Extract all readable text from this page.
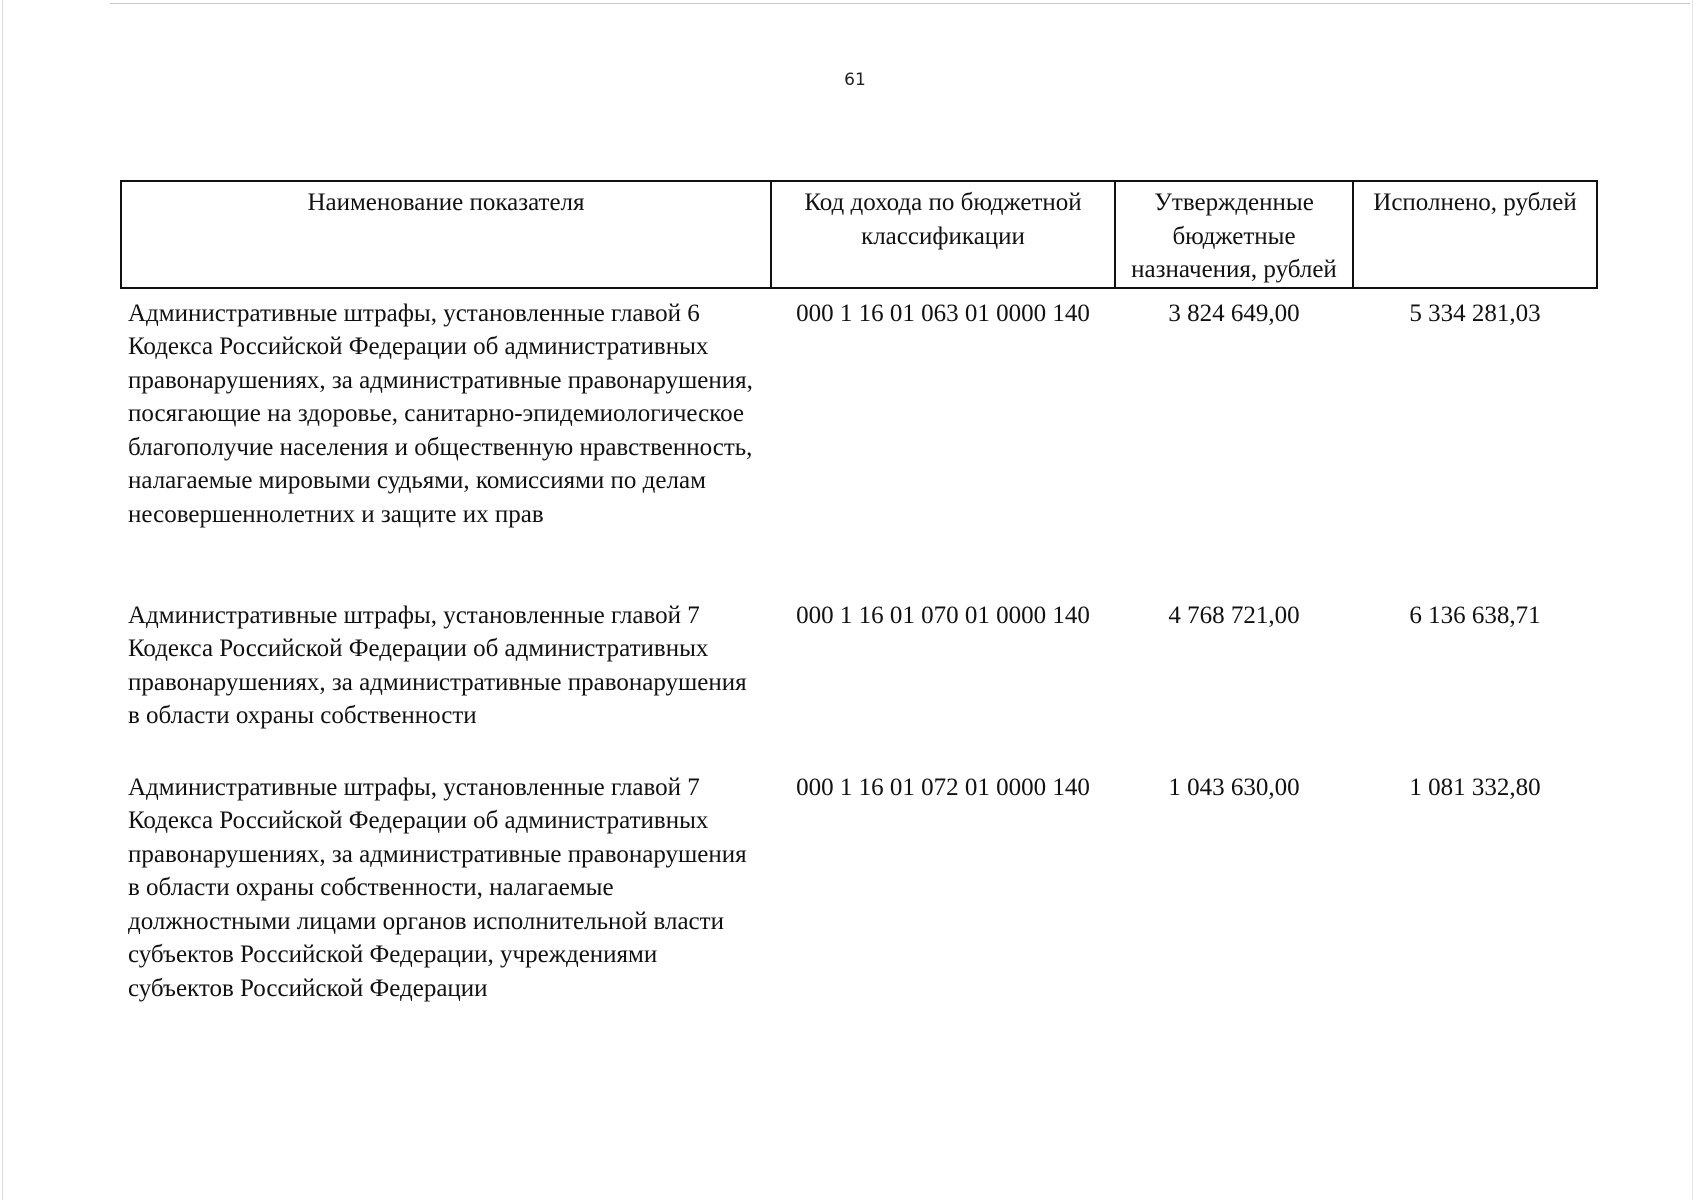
61
Наименование показателя	Код дохода по бюджетной классификации	Утвержденные бюджетные назначения, рублей	Исполнено, рублей
Административные штрафы, установленные главой 6 Кодекса Российской Федерации об административных правонарушениях, за административные правонарушения, посягающие на здоровье, санитарно-эпидемиологическое благополучие населения и общественную нравственность, налагаемые мировыми судьями, комиссиями по делам несовершеннолетних и защите их прав	000 1 16 01 063 01 0000 140	3 824 649,00	5 334 281,03
Административные штрафы, установленные главой 7 Кодекса Российской Федерации об административных правонарушениях, за административные правонарушения в области охраны собственности	000 1 16 01 070 01 0000 140	4 768 721,00	6 136 638,71
Административные штрафы, установленные главой 7 Кодекса Российской Федерации об административных правонарушениях, за административные правонарушения в области охраны собственности, налагаемые должностными лицами органов исполнительной власти субъектов Российской Федерации, учреждениями субъектов Российской Федерации	000 1 16 01 072 01 0000 140	1 043 630,00	1 081 332,80
